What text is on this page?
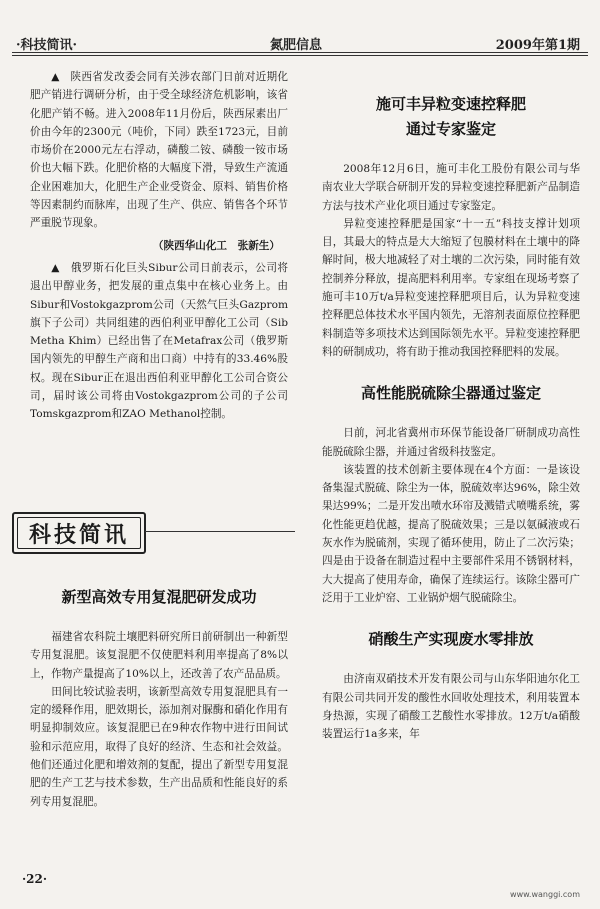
·科技简讯·	氮肥信息	2009年第1期

▲　陕西省发改委会同有关涉农部门日前对近期化肥产销进行调研分析，由于受全球经济危机影响，该省化肥产销不畅。进入2008年11月份后，陕西尿素出厂价由今年的2300元（吨价，下同）跌至1723元，目前市场价在2000元左右浮动，磷酸二铵、磷酸一铵市场价也大幅下跌。化肥价格的大幅度下滑，导致生产流通企业困难加大，化肥生产企业受资金、原料、销售价格等因素制约而脉库，出现了生产、供应、销售各个环节严重脱节现象。

（陕西华山化工　张新生）

▲　俄罗斯石化巨头Sibur公司日前表示，公司将退出甲醇业务，把发展的重点集中在核心业务上。由Sibur和Vostokgazprom公司（天然气巨头Gazprom旗下子公司）共同组建的西伯利亚甲醇化工公司（Sib Metha Khim）已经出售了在Metafrax公司（俄罗斯国内领先的甲醇生产商和出口商）中持有的33.46%股权。现在Sibur正在退出西伯利亚甲醇化工公司合资公司，届时该公司将由Vostokgazprom公司的子公司Tomskgazprom和ZAO Methanol控制。

科技简讯

新型高效专用复混肥研发成功

福建省农科院土壤肥料研究所日前研制出一种新型专用复混肥。该复混肥不仅使肥料利用率提高了8%以上，作物产量提高了10%以上，还改善了农产品品质。

田间比较试验表明，该新型高效专用复混肥具有一定的缓释作用，肥效期长，添加剂对脲酶和硝化作用有明显抑制效应。该复混肥已在9种农作物中进行田间试验和示范应用，取得了良好的经济、生态和社会效益。他们还通过化肥和增效剂的复配，提出了新型专用复混肥的生产工艺与技术参数，生产出品质和性能良好的系列专用复混肥。

施可丰异粒变速控释肥

通过专家鉴定

2008年12月6日，施可丰化工股份有限公司与华南农业大学联合研制开发的异粒变速控释肥新产品制造方法与技术产业化项目通过专家鉴定。

异粒变速控释肥是国家“十一五”科技支撑计划项目，其最大的特点是大大缩短了包膜材料在土壤中的降解时间，极大地减轻了对土壤的二次污染，同时能有效控制养分释放，提高肥料利用率。专家组在现场考察了施可丰10万t/a异粒变速控释肥项目后，认为异粒变速控释肥总体技术水平国内领先，无溶剂表面原位控释肥料制造等多项技术达到国际领先水平。异粒变速控释肥料的研制成功，将有助于推动我国控释肥料的发展。

高性能脱硫除尘器通过鉴定

日前，河北省冀州市环保节能设备厂研制成功高性能脱硫除尘器，并通过省级科技鉴定。

该装置的技术创新主要体现在4个方面：一是该设备集湿式脱硫、除尘为一体，脱硫效率达96%，除尘效果达99%；二是开发出喷水环帘及溅错式喷嘴系统，雾化性能更趋优越，提高了脱硫效果；三是以氨碱液或石灰水作为脱硫剂，实现了循环使用，防止了二次污染；四是由于设备在制造过程中主要部件采用不锈钢材料，大大提高了使用寿命，确保了连续运行。该除尘器可广泛用于工业炉窑、工业锅炉烟气脱硫除尘。

硝酸生产实现废水零排放

由济南双硝技术开发有限公司与山东华阳迪尔化工有限公司共同开发的酸性水回收处理技术，利用装置本身热源，实现了硝酸工艺酸性水零排放。12万t/a硝酸装置运行1a多来，年

·22·
www.wanggi.com
